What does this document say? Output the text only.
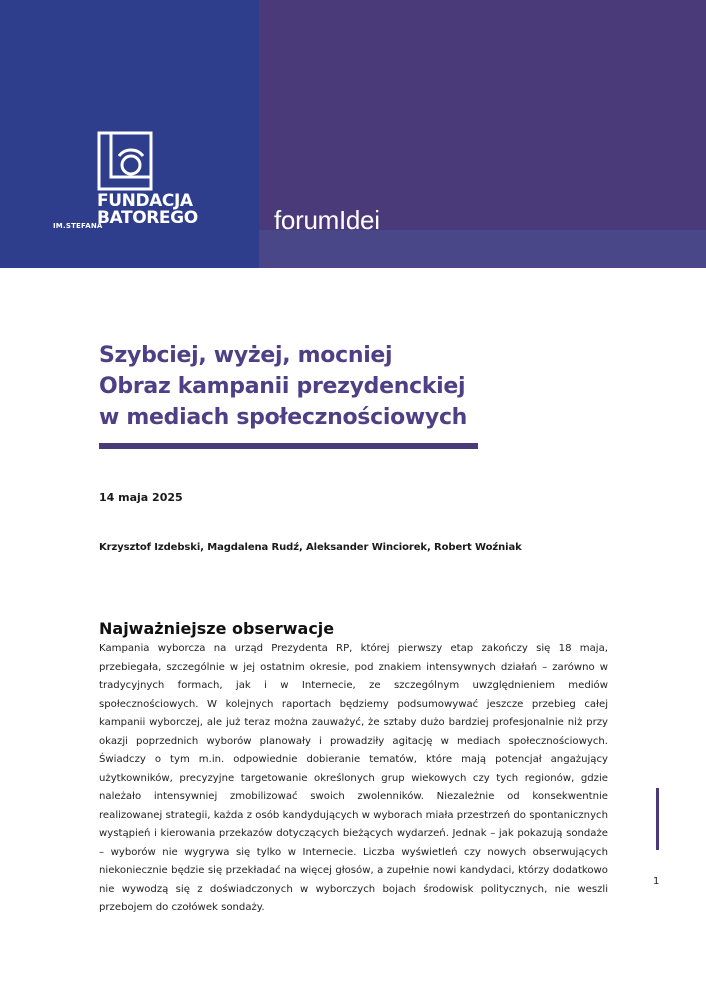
FUNDACJA
BATOREGO
IM.STEFANA	forumIdei
Szybciej, wyżej, mocniej
Obraz kampanii prezydenckiej
w mediach społecznościowych
14 maja 2025
Krzysztof Izdebski, Magdalena Rudź, Aleksander Winciorek, Robert Woźniak
Najważniejsze obserwacje
Kampania wyborcza na urząd Prezydenta RP, której pierwszy etap zakończy się 18 maja, przebiegała, szczególnie w jej ostatnim okresie, pod znakiem intensywnych działań – zarówno w tradycyjnych formach, jak i w Internecie, ze szczególnym uwzględnieniem mediów społecznościowych. W kolejnych raportach będziemy podsumowywać jeszcze przebieg całej kampanii wyborczej, ale już teraz można zauważyć, że sztaby dużo bardziej profesjonalnie niż przy okazji poprzednich wyborów planowały i prowadziły agitację w mediach społecznościowych. Świadczy o tym m.in. odpowiednie dobieranie tematów, które mają potencjał angażujący użytkowników, precyzyjne targetowanie określonych grup wiekowych czy tych regionów, gdzie należało intensywniej zmobilizować swoich zwolenników. Niezależnie od konsekwentnie realizowanej strategii, każda z osób kandydujących w wyborach miała przestrzeń do spontanicznych wystąpień i kierowania przekazów dotyczących bieżących wydarzeń. Jednak – jak pokazują sondaże – wyborów nie wygrywa się tylko w Internecie. Liczba wyświetleń czy nowych obserwujących niekoniecznie będzie się przekładać na więcej głosów, a zupełnie nowi kandydaci, którzy dodatkowo nie wywodzą się z doświadczonych w wyborczych bojach środowisk politycznych, nie weszli przebojem do czołówek sondaży.
1
